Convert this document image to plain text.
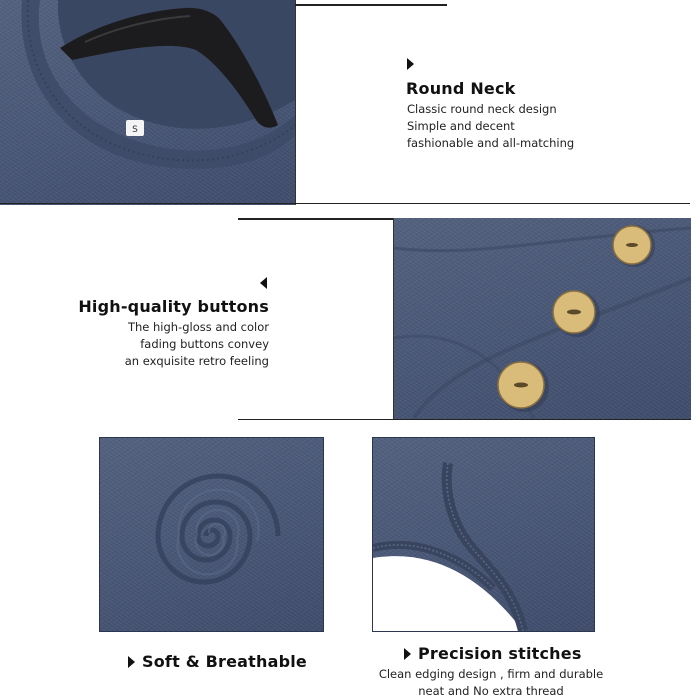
S
Round Neck
Classic round neck design
Simple and decent
fashionable and all-matching
High-quality buttons
The high-gloss and color
fading buttons convey
an exquisite retro feeling
Soft & Breathable	Precision stitches
Clean edging design , firm and durable
neat and No extra thread
